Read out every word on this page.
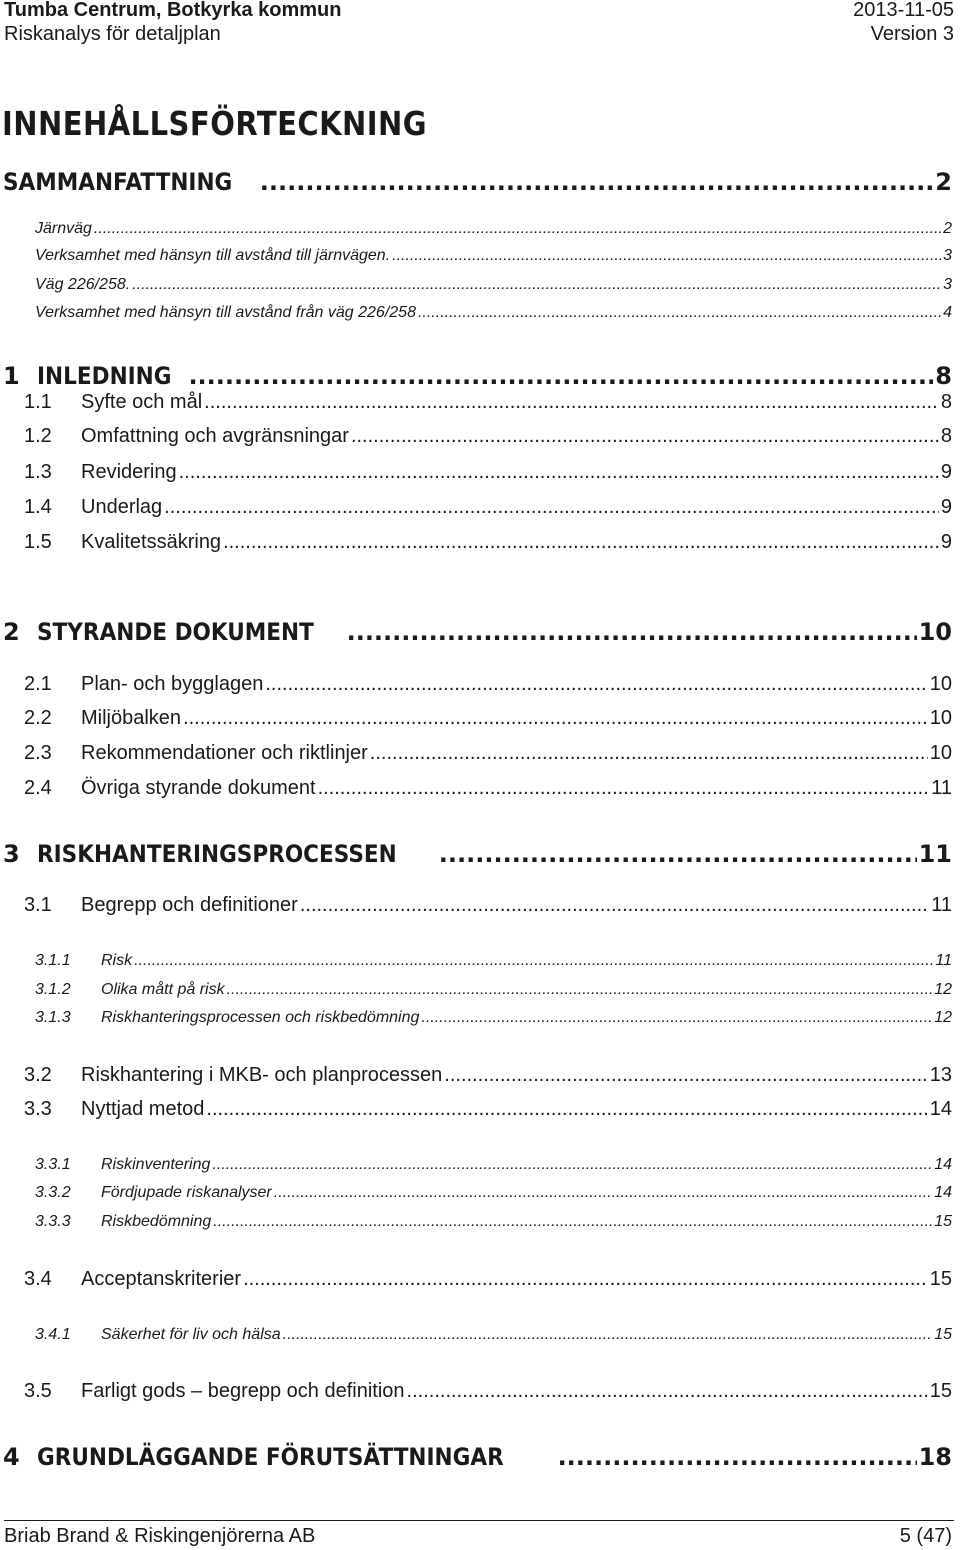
Tumba Centrum, Botkyrka kommun	2013-11-05
Riskanalys för detaljplan	Version 3
INNEHÅLLSFÖRTECKNING
SAMMANFATTNING .....	2
Järnväg .....	2
Verksamhet med hänsyn till avstånd till järnvägen. .....	3
Väg 226/258. .....	3
Verksamhet med hänsyn till avstånd från väg 226/258 .....	4
1 INLEDNING .....	8
1.1	Syfte och mål .....	8
1.2	Omfattning och avgränsningar .....	8
1.3	Revidering .....	9
1.4	Underlag .....	9
1.5	Kvalitetssäkring .....	9
2 STYRANDE DOKUMENT .....	10
2.1	Plan- och bygglagen .....	10
2.2	Miljöbalken .....	10
2.3	Rekommendationer och riktlinjer .....	10
2.4	Övriga styrande dokument .....	11
3 RISKHANTERINGSPROCESSEN .....	11
3.1	Begrepp och definitioner .....	11
3.1.1	Risk .....	11
3.1.2	Olika mått på risk .....	12
3.1.3	Riskhanteringsprocessen och riskbedömning .....	12
3.2	Riskhantering i MKB- och planprocessen .....	13
3.3	Nyttjad metod .....	14
3.3.1	Riskinventering .....	14
3.3.2	Fördjupade riskanalyser .....	14
3.3.3	Riskbedömning .....	15
3.4	Acceptanskriterier .....	15
3.4.1	Säkerhet för liv och hälsa .....	15
3.5	Farligt gods – begrepp och definition .....	15
4 GRUNDLÄGGANDE FÖRUTSÄTTNINGAR .....	18
Briab Brand & Riskingenjörerna AB	5 (47)
